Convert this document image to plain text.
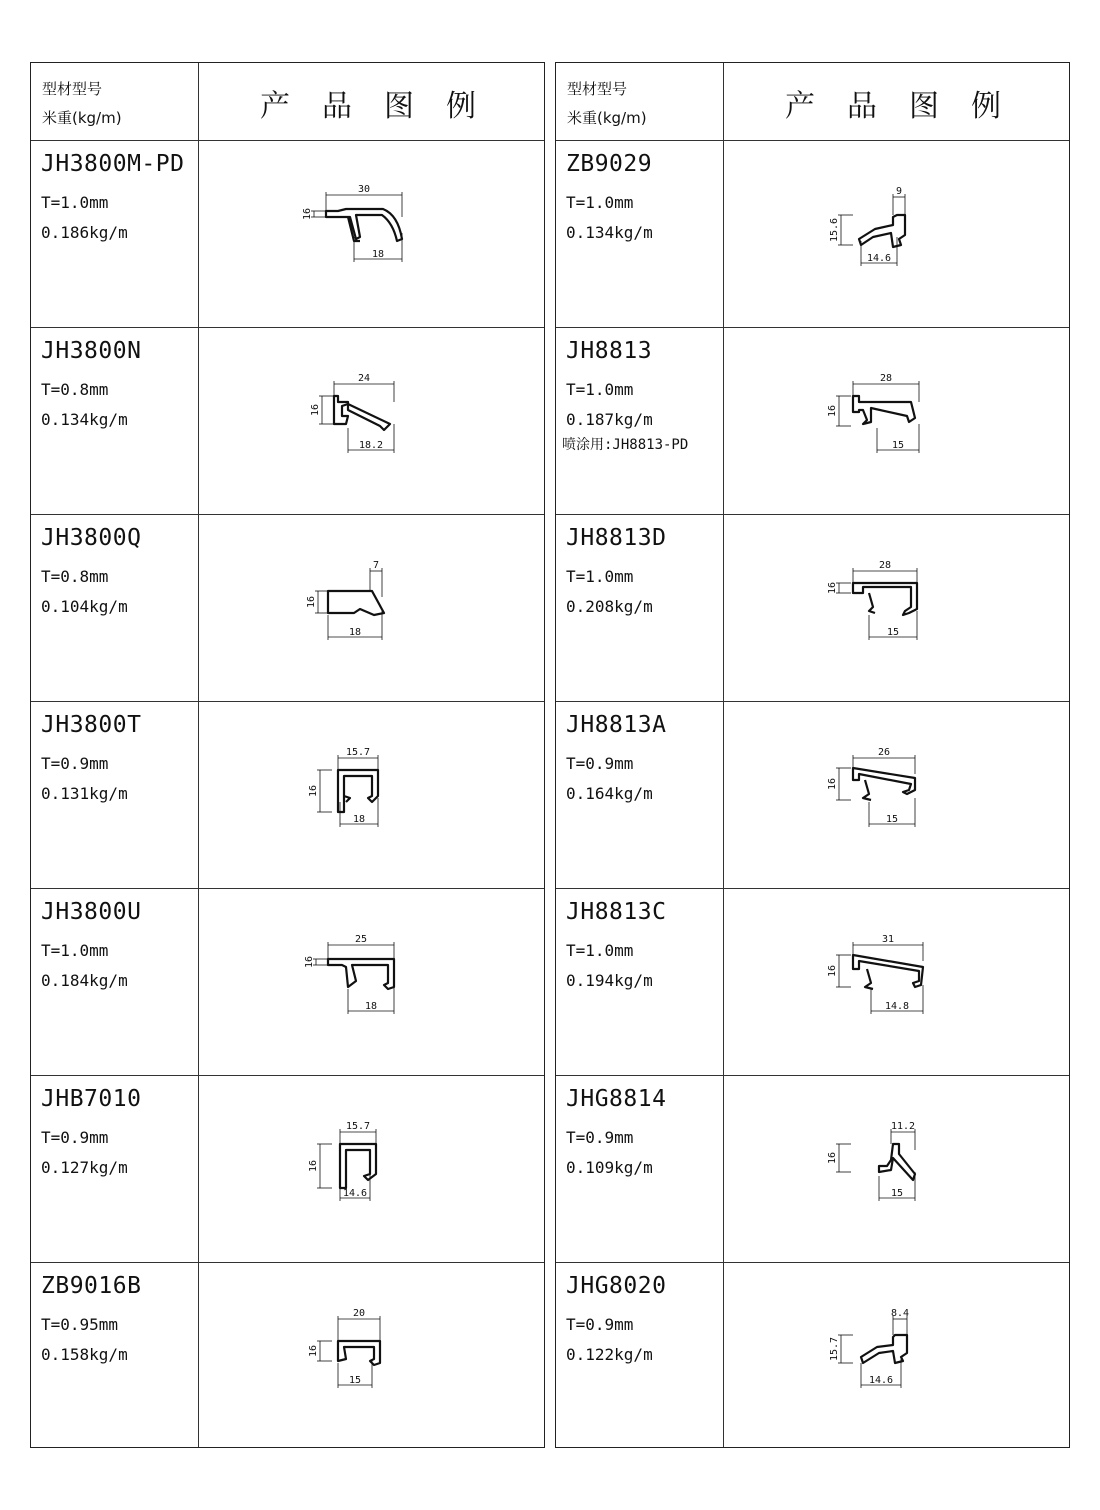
型材型号
米重(kg/m)	产品图例
JH3800M-PD
T=1.0mm
0.186kg/m
30
16
18
JH3800N
T=0.8mm
0.134kg/m
24
16
18.2
JH3800Q
T=0.8mm
0.104kg/m
7
16
18
JH3800T
T=0.9mm
0.131kg/m
15.7
16
18
JH3800U
T=1.0mm
0.184kg/m
25
16
18
JHB7010
T=0.9mm
0.127kg/m
15.7
16
14.6
ZB9016B
T=0.95mm
0.158kg/m
20
16
15
型材型号
米重(kg/m)	产品图例
ZB9029
T=1.0mm
0.134kg/m
9
15.6
14.6
JH8813
T=1.0mm
0.187kg/m
喷涂用:JH8813-PD
28
16
15
JH8813D
T=1.0mm
0.208kg/m
28
16
15
JH8813A
T=0.9mm
0.164kg/m
26
16
15
JH8813C
T=1.0mm
0.194kg/m
31
16
14.8
JHG8814
T=0.9mm
0.109kg/m
11.2
16
15
JHG8020
T=0.9mm
0.122kg/m
8.4
15.7
14.6
